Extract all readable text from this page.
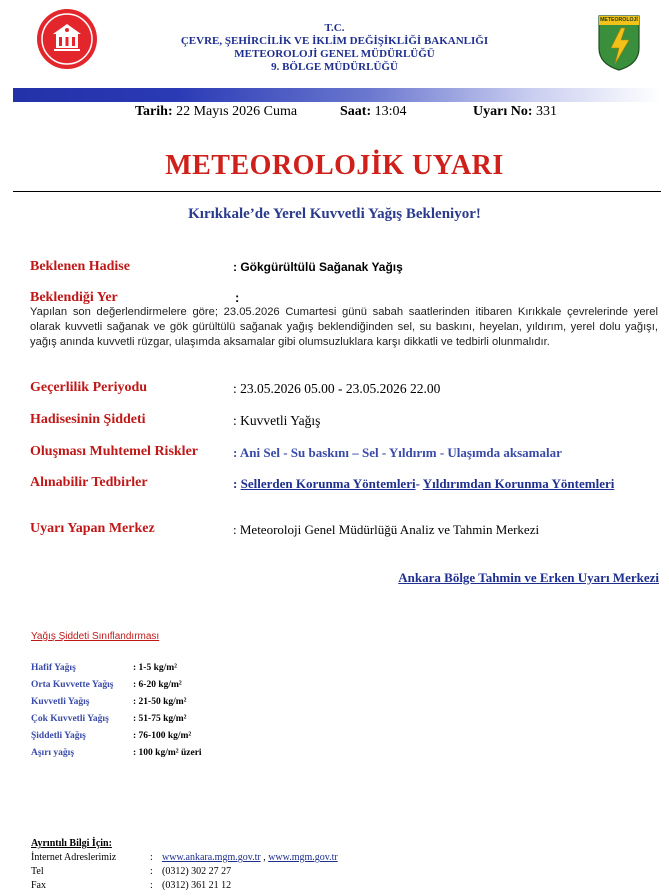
T.C.
ÇEVRE, ŞEHİRCİLİK VE İKLİM DEĞİŞİKLİĞİ BAKANLIĞI
METEOROLOJİ GENEL MÜDÜRLÜĞÜ
9. BÖLGE MÜDÜRLÜĞÜ
METEOROLOJİ
Tarih: 22 Mayıs 2026 Cuma	Saat: 13:04	Uyarı No: 331
METEOROLOJİK UYARI
Kırıkkale’de Yerel Kuvvetli Yağış Bekleniyor!
Beklenen Hadise	: Gökgürültülü Sağanak Yağış
Beklendiği Yer	:
Yapılan son değerlendirmelere göre; 23.05.2026 Cumartesi günü sabah saatlerinden itibaren Kırıkkale çevrelerinde yerel olarak kuvvetli sağanak ve gök gürültülü sağanak yağış beklendiğinden sel, su baskını, heyelan, yıldırım, yerel dolu yağışı, yağış anında kuvvetli rüzgar, ulaşımda aksamalar gibi olumsuzluklara karşı dikkatli ve tedbirli olunmalıdır.
Geçerlilik Periyodu	: 23.05.2026 05.00 - 23.05.2026 22.00
Hadisesinin Şiddeti	: Kuvvetli Yağış
Oluşması Muhtemel Riskler	: Ani Sel - Su baskını – Sel - Yıldırım - Ulaşımda aksamalar
Alınabilir Tedbirler	: Sellerden Korunma Yöntemleri- Yıldırımdan Korunma Yöntemleri
Uyarı Yapan Merkez	: Meteoroloji Genel Müdürlüğü Analiz ve Tahmin Merkezi
Ankara Bölge Tahmin ve Erken Uyarı Merkezi
Yağış Şiddeti Sınıflandırması
Hafif Yağış	: 1-5 kg/m²
Orta Kuvvette Yağış : 6-20 kg/m²
Kuvvetli Yağış	: 21-50 kg/m²
Çok Kuvvetli Yağış	: 51-75 kg/m²
Şiddetli Yağış	: 76-100 kg/m²
Aşırı yağış	: 100 kg/m² üzeri
Ayrıntılı Bilgi İçin:
İnternet Adreslerimiz	: www.ankara.mgm.gov.tr , www.mgm.gov.tr
Tel	: (0312) 302 27 27
Fax	: (0312) 361 21 12
